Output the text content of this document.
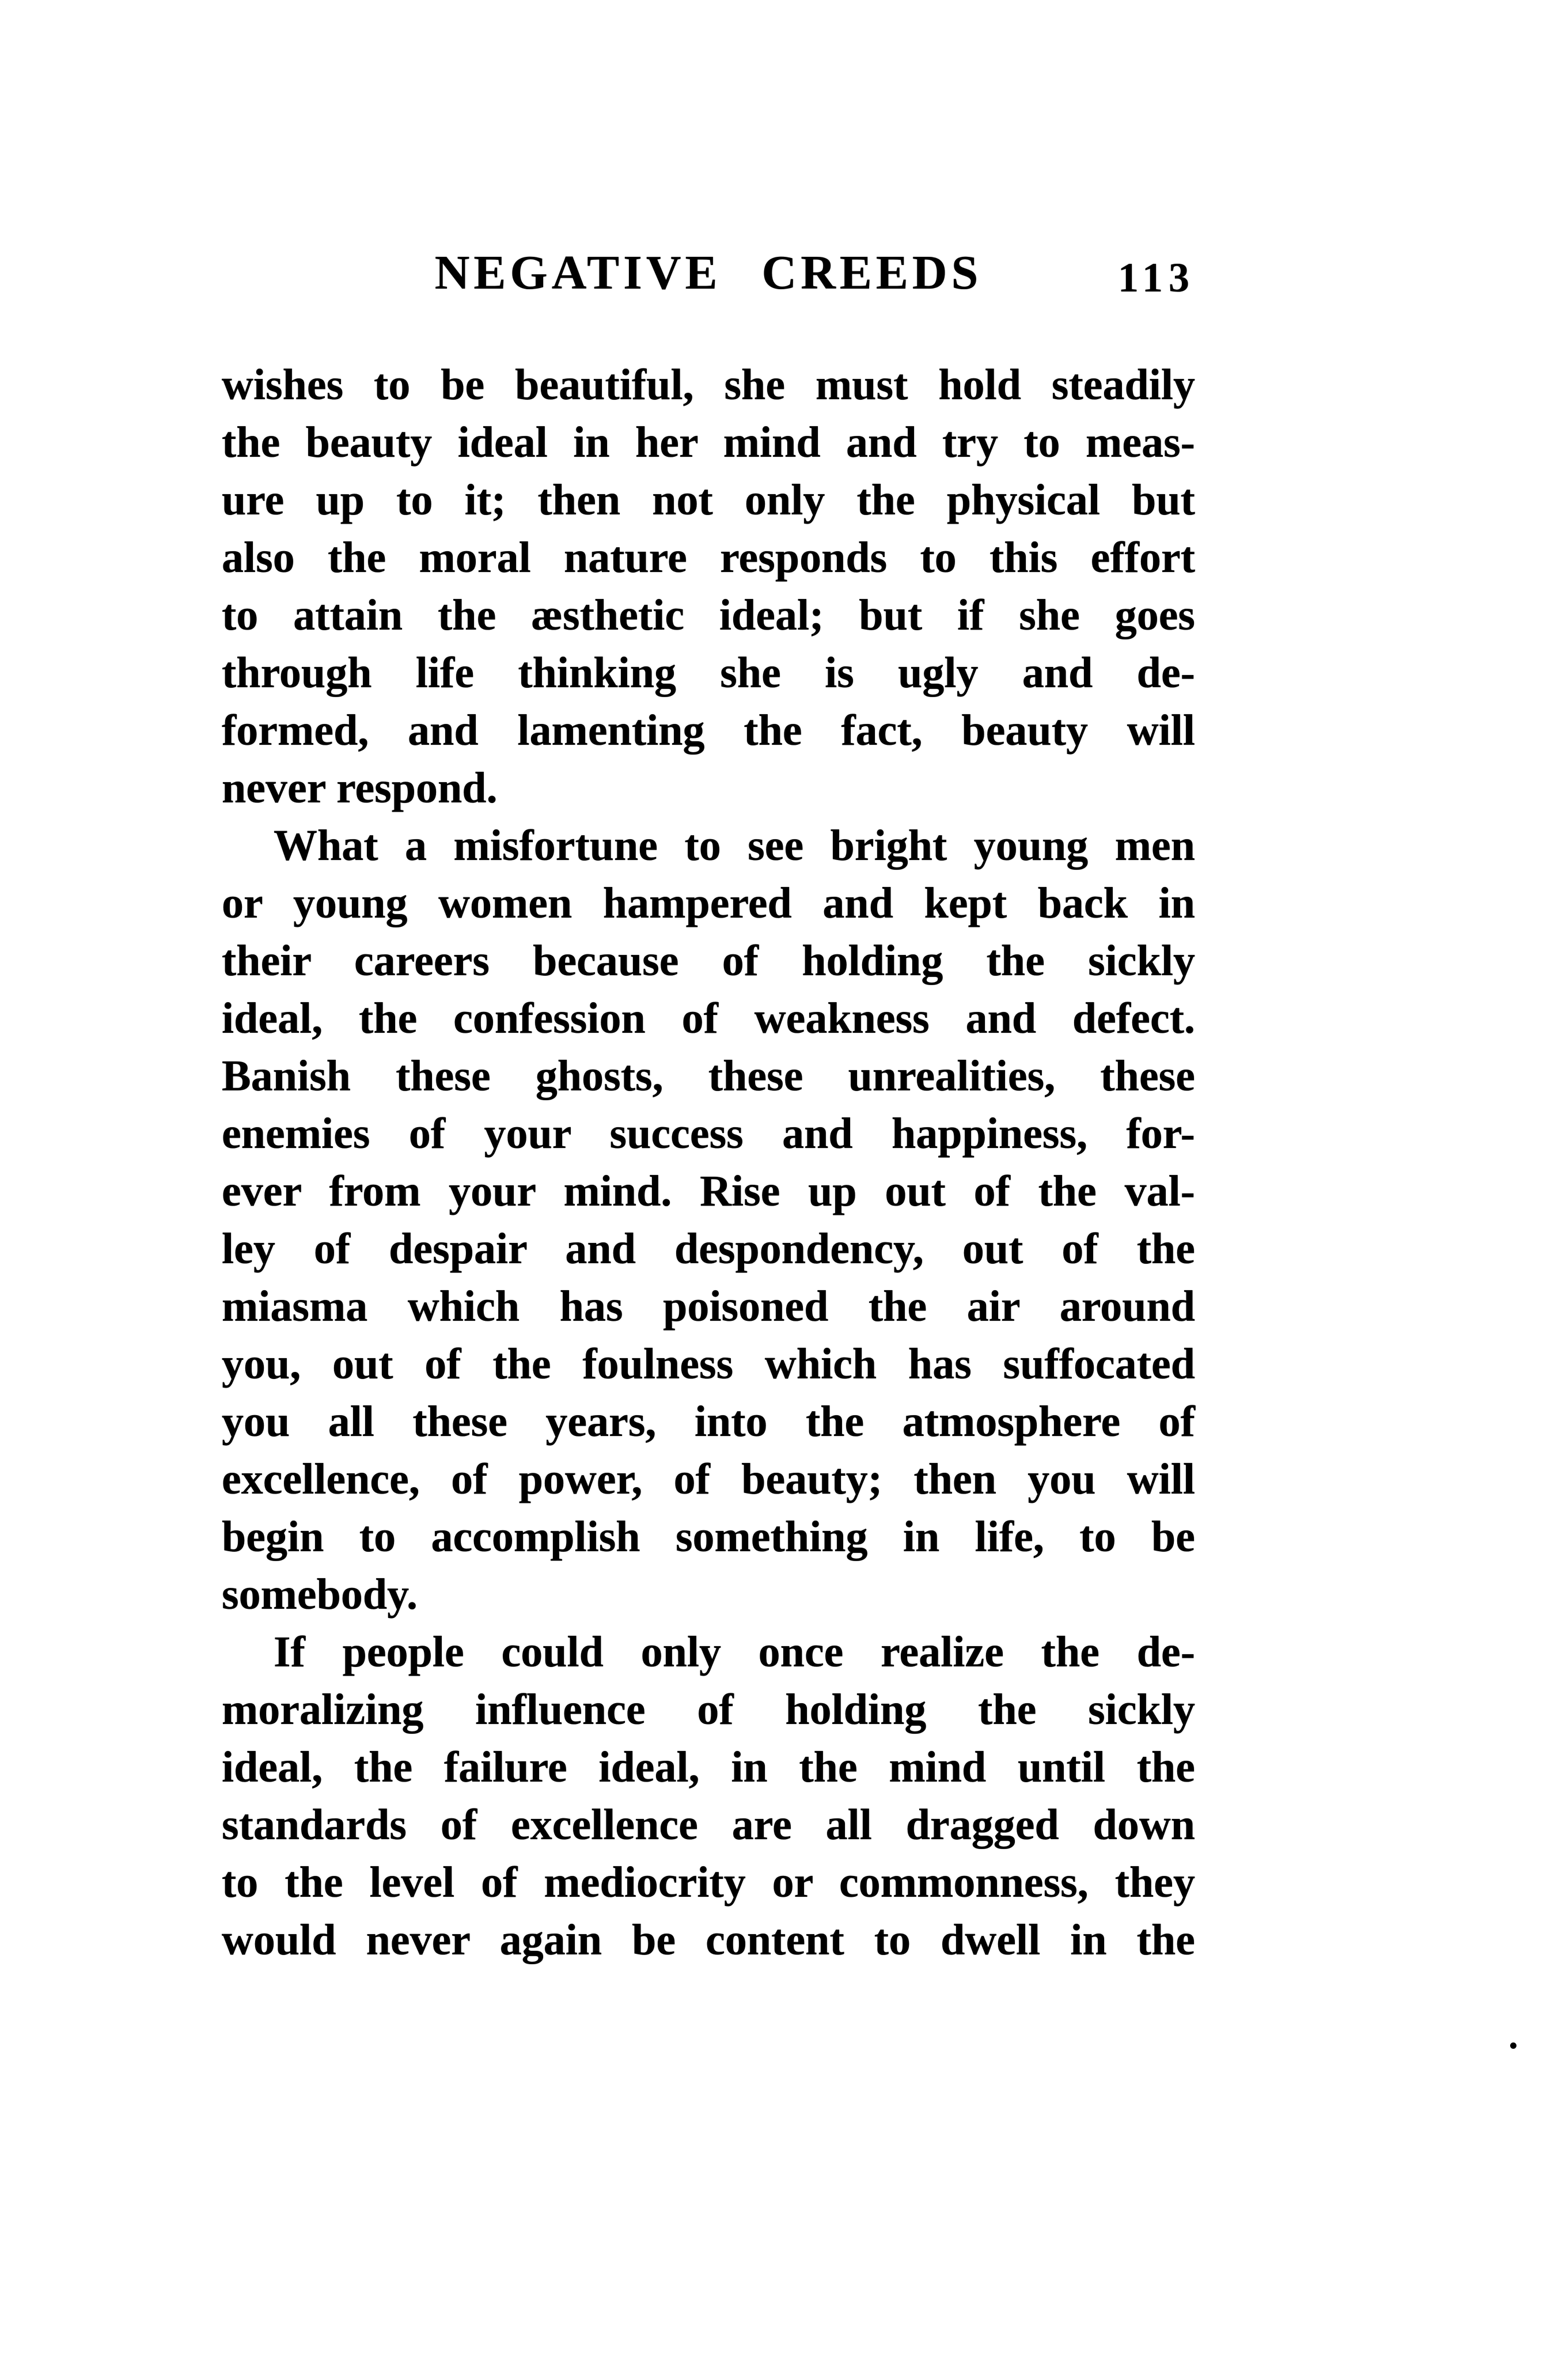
NEGATIVE CREEDS	113
wishes to be beautiful, she must hold steadily
the beauty ideal in her mind and try to meas-
ure up to it; then not only the physical but
also the moral nature responds to this effort
to attain the æsthetic ideal; but if she goes
through life thinking she is ugly and de-
formed, and lamenting the fact, beauty will
never respond.
What a misfortune to see bright young men
or young women hampered and kept back in
their careers because of holding the sickly
ideal, the confession of weakness and defect.
Banish these ghosts, these unrealities, these
enemies of your success and happiness, for-
ever from your mind. Rise up out of the val-
ley of despair and despondency, out of the
miasma which has poisoned the air around
you, out of the foulness which has suffocated
you all these years, into the atmosphere of
excellence, of power, of beauty; then you will
begin to accomplish something in life, to be
somebody.
If people could only once realize the de-
moralizing influence of holding the sickly
ideal, the failure ideal, in the mind until the
standards of excellence are all dragged down
to the level of mediocrity or commonness, they
would never again be content to dwell in the
